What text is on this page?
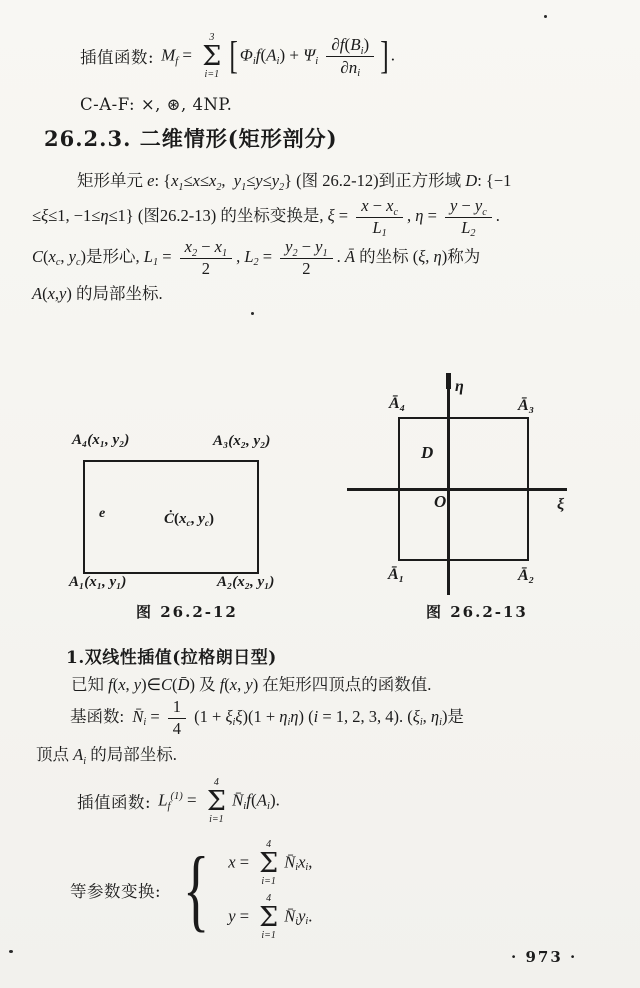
插值函数: $M_f$ =
3
Σ
i=1 [ $\Phi_if(A_i) + \Psi_i \frac{\partial f(B_i)}{\partial n_i}$ ] .
C-A-F: ×, ⊛, 4NP.
26.2.3. 二维情形(矩形剖分)
矩形单元 e: {$x_1\le x\le x_2$,  $y_1\le y\le y_2$} (图 26.2-12)到正方形域 D: {−1
≤ξ≤1, −1≤η≤1} (图26.2-13) 的坐标变换是, $\xi = \frac{x - x_c}{L_1}$ , $\eta = \frac{y - y_c}{L_2}$ .
$C(x_c$, $y_c$)是形心, $L_1 = \frac{x_2 - x_1}{2}$ , $L_2 = \frac{y_2 - y_1}{2}$ . Ā 的坐标 (ξ, η)称为
A(x,y) 的局部坐标.
A₄(x₁, y₂)	A₃(x₂, y₂)
A₁(x₁, y₁)	A₂(x₂, y₁)
e	$Ċ(x_c$, $y_c$)
图 26.2-12
η
ξ
O
D
Ā₄	Ā₃
Ā₁	Ā₂
图 26.2-13
1.双线性插值(拉格朗日型)
已知 f(x, y)∈C(D̄) 及 f(x, y) 在矩形四顶点的函数值.
基函数:  $N̄_i = \frac{1}{4} (1 + \xi_i\xi)(1 + \eta_i\eta) (i = 1$, 2, 3, 4). ($\xi_i$, $\eta_i$)是
顶点 $A_i$ 的局部坐标.
插值函数: $L_f^{(1)}$ =
4
Σ
i=1
$N̄_if(A_i)$.
等参数变换: { x =
4
Σ
i=1
$N̄_ix_i$,
y =
4
Σ
i=1
$N̄_iy_i$.
· 973 ·
